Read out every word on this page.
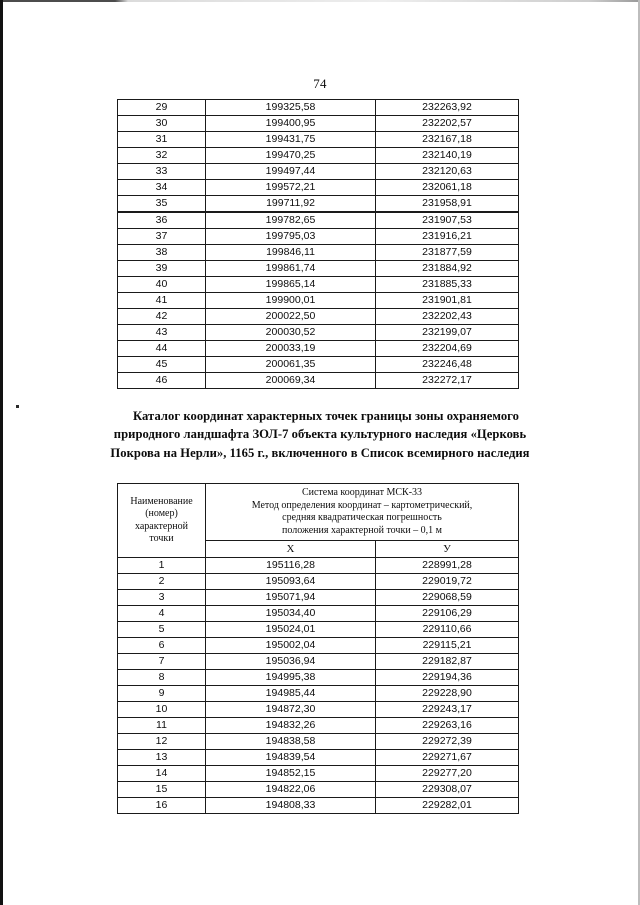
74
29	199325,58	232263,92
30	199400,95	232202,57
31	199431,75	232167,18
32	199470,25	232140,19
33	199497,44	232120,63
34	199572,21	232061,18
35	199711,92	231958,91
36	199782,65	231907,53
37	199795,03	231916,21
38	199846,11	231877,59
39	199861,74	231884,92
40	199865,14	231885,33
41	199900,01	231901,81
42	200022,50	232202,43
43	200030,52	232199,07
44	200033,19	232204,69
45	200061,35	232246,48
46	200069,34	232272,17
Каталог координат характерных точек границы зоны охраняемого
природного ландшафта ЗОЛ-7 объекта культурного наследия «Церковь
Покрова на Нерли», 1165 г., включенного в Список всемирного наследия
Наименование
(номер)
характерной
точки	Система координат МСК-33
Метод определения координат – картометрический,
средняя квадратическая погрешность
положения характерной точки – 0,1 м	

	Х	У
1	195116,28	228991,28
2	195093,64	229019,72
3	195071,94	229068,59
4	195034,40	229106,29
5	195024,01	229110,66
6	195002,04	229115,21
7	195036,94	229182,87
8	194995,38	229194,36
9	194985,44	229228,90
10	194872,30	229243,17
11	194832,26	229263,16
12	194838,58	229272,39
13	194839,54	229271,67
14	194852,15	229277,20
15	194822,06	229308,07
16	194808,33	229282,01
